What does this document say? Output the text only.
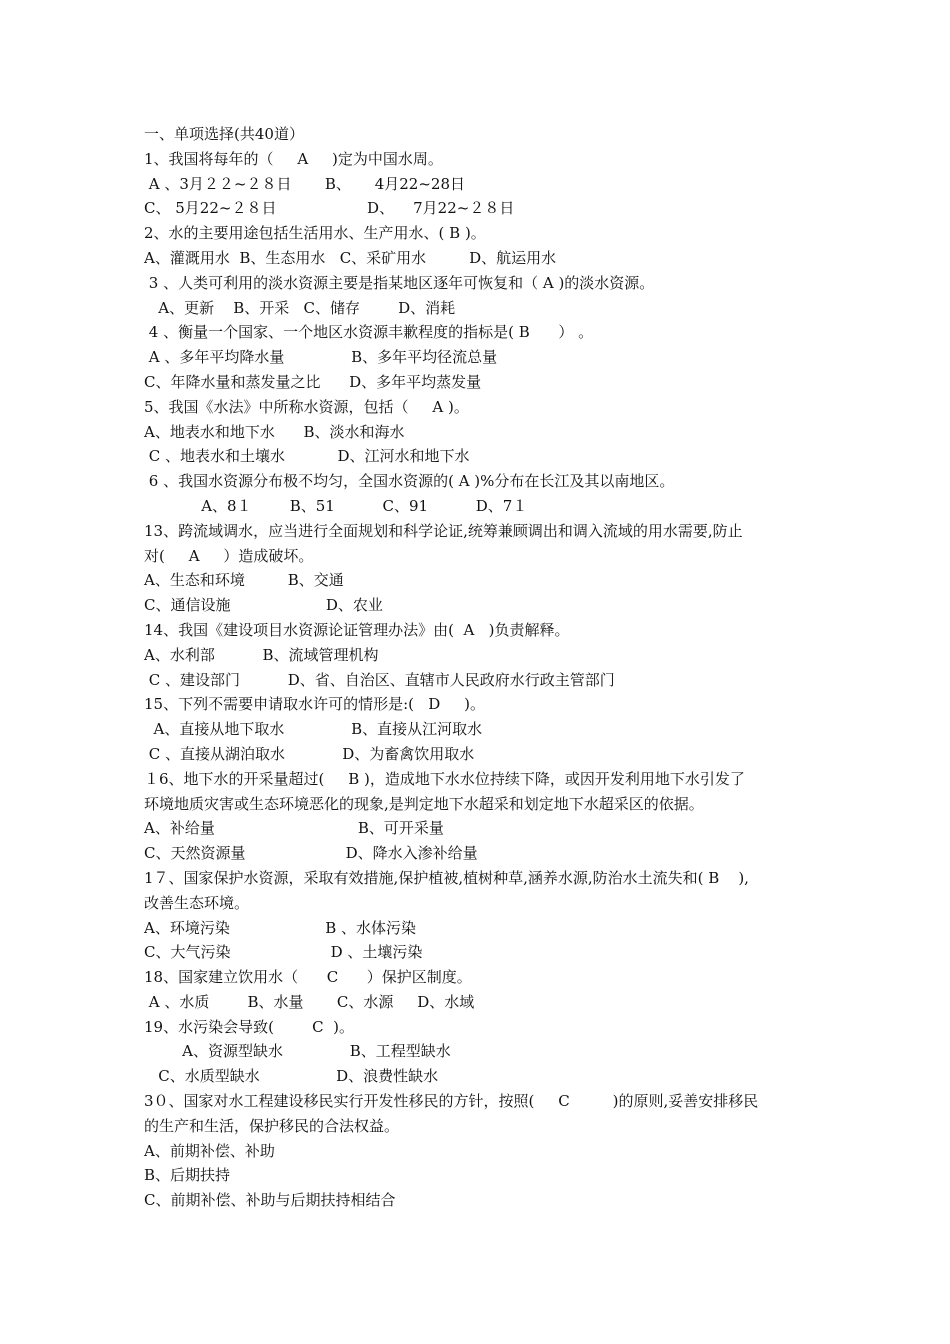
一、单项选择(共40道）
1、我国将每年的（     A     )定为中国水周。
A 、3月２２~２８日       B、     4月22~28日
C、 5月22~２８日                   D、    7月22~２８日
2、水的主要用途包括生活用水、生产用水、( B )。
A、灌溉用水  B、生态用水   C、采矿用水         D、航运用水
3 、人类可利用的淡水资源主要是指某地区逐年可恢复和（ A )的淡水资源。
A、更新    B、开采   C、储存        D、消耗
4 、衡量一个国家、一个地区水资源丰歉程度的指标是( B      ） 。
A 、多年平均降水量              B、多年平均径流总量
C、年降水量和蒸发量之比      D、多年平均蒸发量
5、我国《水法》中所称水资源，包括（     A )。
A、地表水和地下水      B、淡水和海水
C 、地表水和土壤水           D、江河水和地下水
6 、我国水资源分布极不均匀，全国水资源的( A )%分布在长江及其以南地区。
A、8１        B、51          C、91          D、7１
13、跨流域调水，应当进行全面规划和科学论证,统筹兼顾调出和调入流域的用水需要,防止
对(     A     ）造成破坏。
A、生态和环境         B、交通
C、通信设施                    D、农业
14、我国《建设项目水资源论证管理办法》由(  A   )负责解释。
A、水利部          B、流域管理机构
C 、建设部门          D、省、自治区、直辖市人民政府水行政主管部门
15、下列不需要申请取水许可的情形是:(   D     )。
A、直接从地下取水              B、直接从江河取水
C 、直接从湖泊取水            D、为畜禽饮用取水
１6、地下水的开采量超过(     B )，造成地下水水位持续下降，或因开发利用地下水引发了
环境地质灾害或生态环境恶化的现象,是判定地下水超采和划定地下水超采区的依据。
A、补给量                              B、可开采量
C、天然资源量                     D、降水入渗补给量
1７、国家保护水资源，采取有效措施,保护植被,植树种草,涵养水源,防治水土流失和( B    ),
改善生态环境。
A、环境污染                    B 、水体污染
C、大气污染                     D 、土壤污染
18、国家建立饮用水（      C      ）保护区制度。
A 、水质        B、水量       C、水源     D、水域
19、水污染会导致(        C  )。
A、资源型缺水              B、工程型缺水
C、水质型缺水                D、浪费性缺水
3０、国家对水工程建设移民实行开发性移民的方针，按照(     C         )的原则,妥善安排移民
的生产和生活，保护移民的合法权益。
A、前期补偿、补助
B、后期扶持
C、前期补偿、补助与后期扶持相结合
